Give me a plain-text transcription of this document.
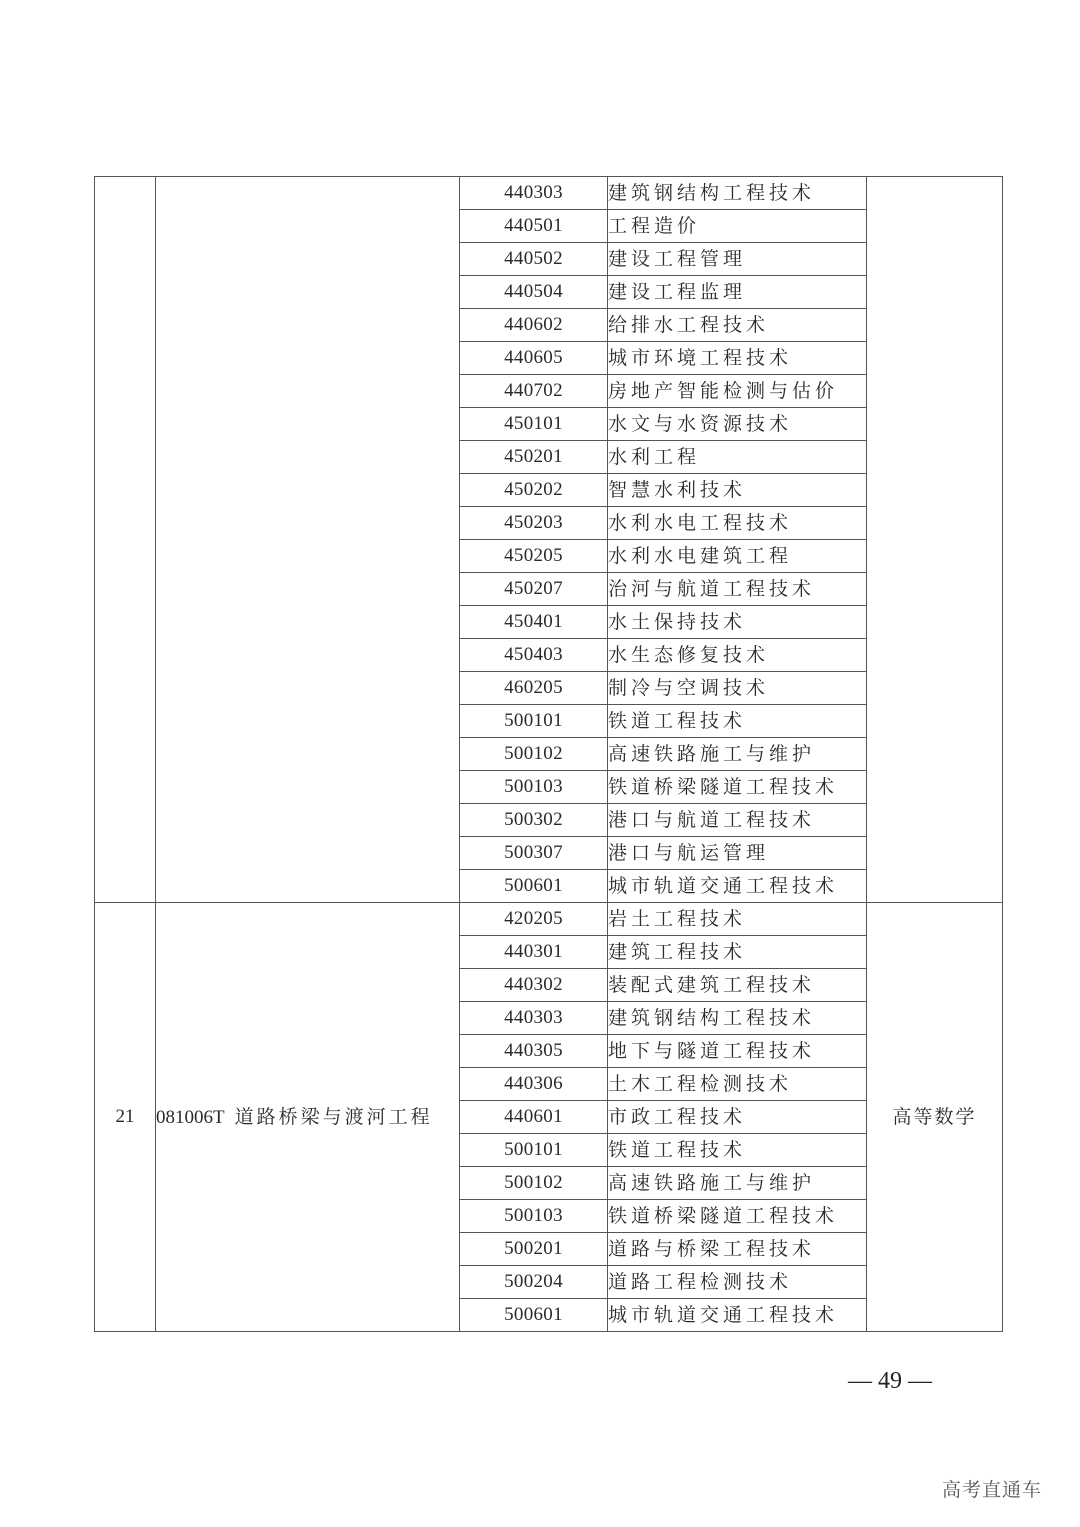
		440303	建筑钢结构工程技术	
		440501	工程造价	
		440502	建设工程管理	
		440504	建设工程监理	
		440602	给排水工程技术	
		440605	城市环境工程技术	
		440702	房地产智能检测与估价	
		450101	水文与水资源技术	
		450201	水利工程	
		450202	智慧水利技术	
		450203	水利水电工程技术	
		450205	水利水电建筑工程	
		450207	治河与航道工程技术	
		450401	水土保持技术	
		450403	水生态修复技术	
		460205	制冷与空调技术	
		500101	铁道工程技术	
		500102	高速铁路施工与维护	
		500103	铁道桥梁隧道工程技术	
		500302	港口与航道工程技术	
		500307	港口与航运管理	
		500601	城市轨道交通工程技术	
21	081006T 道路桥梁与渡河工程	420205	岩土工程技术	高等数学
		440301	建筑工程技术	
		440302	装配式建筑工程技术	
		440303	建筑钢结构工程技术	
		440305	地下与隧道工程技术	
		440306	土木工程检测技术	
		440601	市政工程技术	
		500101	铁道工程技术	
		500102	高速铁路施工与维护	
		500103	铁道桥梁隧道工程技术	
		500201	道路与桥梁工程技术	
		500204	道路工程检测技术	
		500601	城市轨道交通工程技术	
— 49 —
高考直通车
